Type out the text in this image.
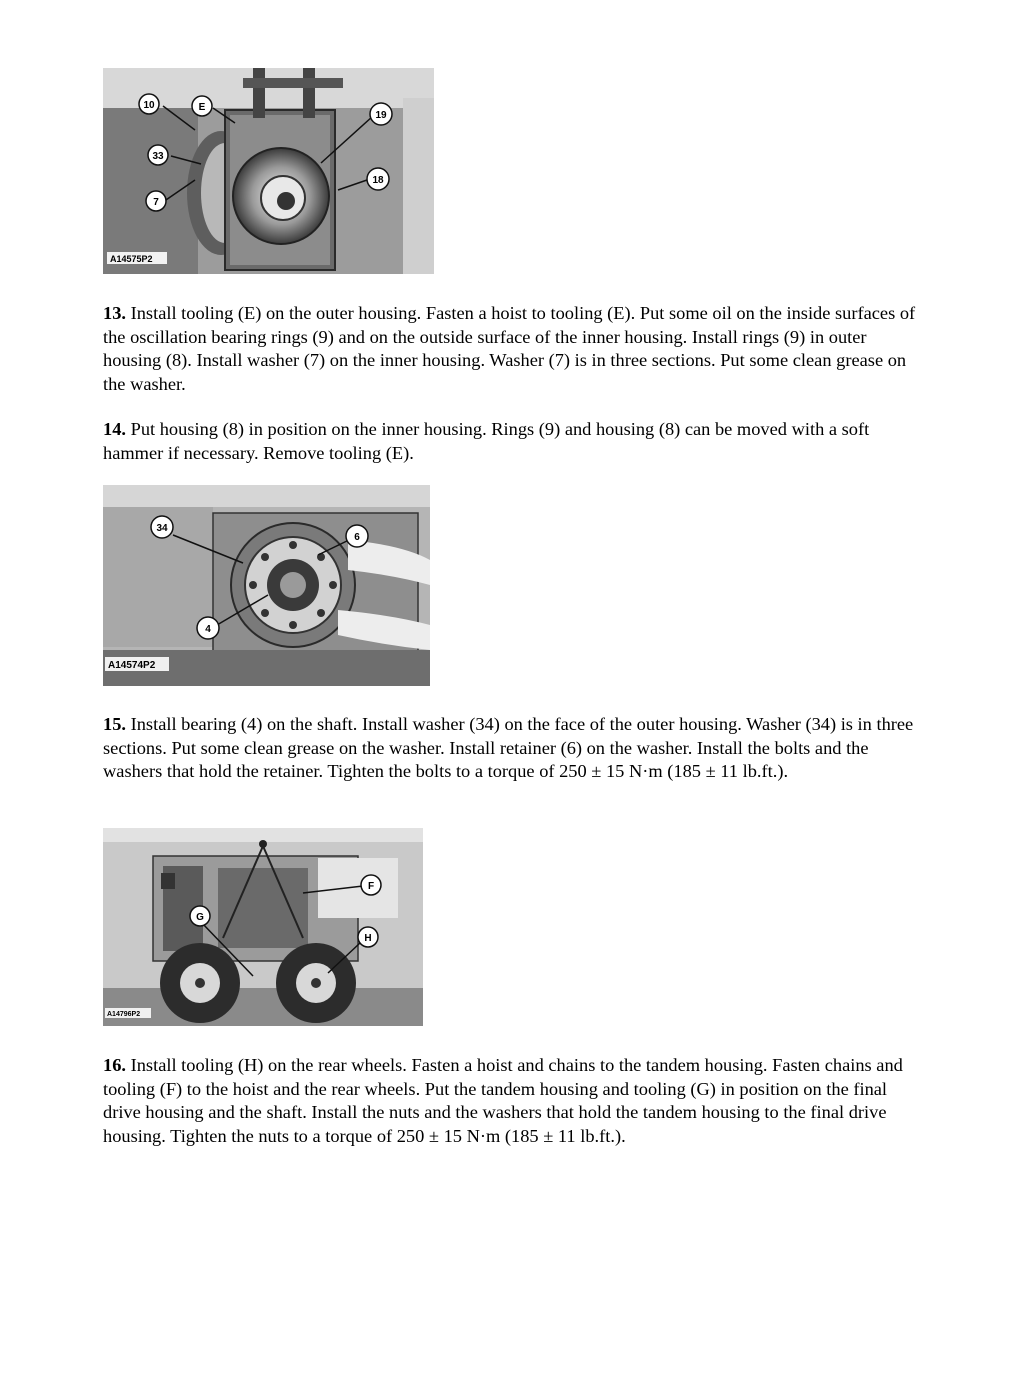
10	E
19
33
18
7
A14575P2

13. Install tooling (E) on the outer housing. Fasten a hoist to tooling (E). Put some oil on the inside surfaces of the oscillation bearing rings (9) and on the outside surface of the inner housing. Install rings (9) in outer housing (8). Install washer (7) on the inner housing. Washer (7) is in three sections. Put some clean grease on the washer.

14. Put housing (8) in position on the inner housing. Rings (9) and housing (8) can be moved with a soft hammer if necessary. Remove tooling (E).

34
6
4
A14574P2

15. Install bearing (4) on the shaft. Install washer (34) on the face of the outer housing. Washer (34) is in three sections. Put some clean grease on the washer. Install retainer (6) on the washer. Install the bolts and the washers that hold the retainer. Tighten the bolts to a torque of 250 ± 15 N·m (185 ± 11 lb.ft.).

F
G
H
A14796P2

16. Install tooling (H) on the rear wheels. Fasten a hoist and chains to the tandem housing. Fasten chains and tooling (F) to the hoist and the rear wheels. Put the tandem housing and tooling (G) in position on the final drive housing and the shaft. Install the nuts and the washers that hold the tandem housing to the final drive housing. Tighten the nuts to a torque of 250 ± 15 N·m (185 ± 11 lb.ft.).
